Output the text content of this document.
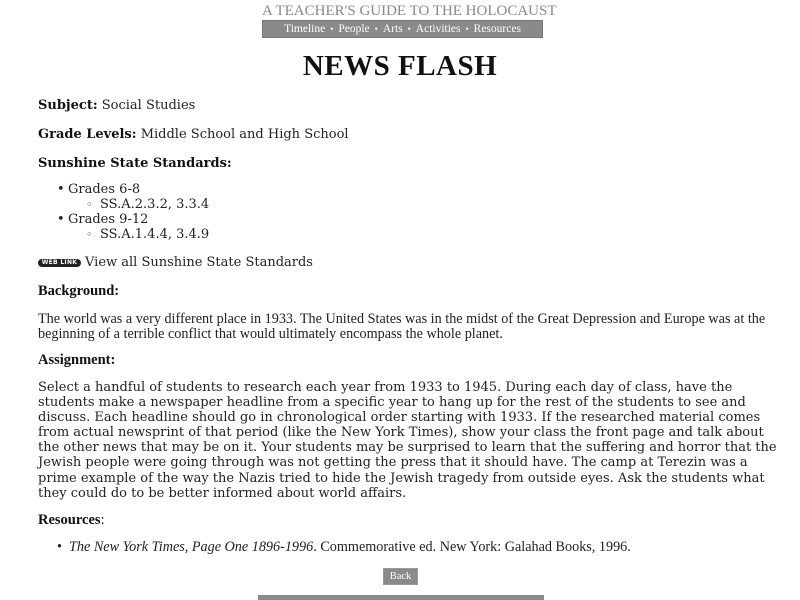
A TEACHER'S GUIDE TO THE HOLOCAUST
Timeline • People • Arts • Activities • Resources
NEWS FLASH

Subject: Social Studies

Grade Levels: Middle School and High School

Sunshine State Standards:

• Grades 6-8
◦ SS.A.2.3.2, 3.3.4
• Grades 9-12
◦ SS.A.1.4.4, 3.4.9
WEB LINK View all Sunshine State Standards
Background:

The world was a very different place in 1933. The United States was in the midst of the Great Depression and Europe was at the beginning of a terrible conflict that would ultimately encompass the whole planet.

Assignment:

Select a handful of students to research each year from 1933 to 1945. During each day of class, have the students make a newspaper headline from a specific year to hang up for the rest of the students to see and discuss. Each headline should go in chronological order starting with 1933. If the researched material comes from actual newsprint of that period (like the New York Times), show your class the front page and talk about the other news that may be on it. Your students may be surprised to learn that the suffering and horror that the Jewish people were going through was not getting the press that it should have. The camp at Terezin was a prime example of the way the Nazis tried to hide the Jewish tragedy from outside eyes. Ask the students what they could do to be better informed about world affairs.

Resources:
• The New York Times, Page One 1896-1996. Commemorative ed. New York: Galahad Books, 1996.
Back
